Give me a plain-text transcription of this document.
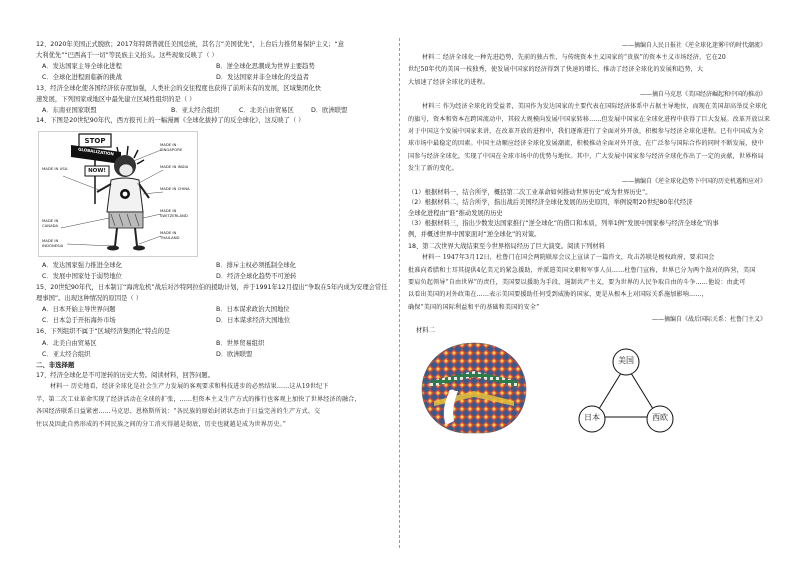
12、2020年美国正式脱欧；2017年特朗普就任美国总统，其名言“美国优先”，上台后力推贸易保护主义；“意
大利优先”“巴西高于一切”等民族主义抬头。这些现象反映了（ ）
A．发达国家主导全球化进程	B．逆全球化思潮成为世界主要趋势
C．全球化进程面临新的挑战	D．发达国家并非全球化的受益者
13、经济全球化使各国经济依存度加强，人类社会的交往程度也获得了前所未有的发展，区域集团化快
速发展，下列国家或地区中最先建立区域性组织的是（ ）
A．东南亚国家联盟	B．亚太经合组织	C．北美自由贸易区	D．欧洲联盟
14、下图是20世纪90年代，西方报刊上的一幅漫画《全球化拔掉了的反全球化》，这反映了（ ）
STOP
GLOBALIZATION
NOW!
MADE IN USA
MADE IN CANADA
MADE IN INDONESIA
MADE IN SINGAPORE
MADE IN INDIA
MADE IN CHINA
MADE IN SWITZERLAND
MADE IN THAILAND
A．发达国家强力推进全球化	B．排斥主权必须抵制全球化
C．发展中国家处于弱势地位	D．经济全球化趋势不可逆转
15、20世纪90年代，日本制订“海湾危机”战后对沙特阿拉伯的援助计划，并于1991年12月提出“争取在5年内成为安理会常任
理事国”。出现这种情况的原因是（ ）
A．日本开始主导世界问题	B．日本谋求政治大国地位
C．日本急于开拓海外市场	D．日本谋求经济大国地位
16、下列组织不属于“区域经济集团化”特点的是
A．北美自由贸易区	B．世界贸易组织
C．亚太经合组织	D．欧洲联盟
二、非选择题
17、经济全球化是不可逆转的历史大势。阅读材料，回答问题。
材料一 历史地看，经济全球化是社会生产力发展的客观要求和科技进步的必然结果……这从19世纪下
半，第二次工业革命实现了经济活动在全球的扩张，……但资本主义生产方式的推行也客观上加快了世界经济的融合，
各国经济联系日益紧密……马克思、恩格斯所说：“各民族的原始封闭状态由于日益完善的生产方式、交
往以及因此自然形成的不同民族之间的分工消灭得越是彻底，历史也就越是成为世界历史。”
——摘编自人民日报社《逆全球化迷雾中的时代潮流》
材料二 经济全球化一种先进趋势，先前的独占性，与传统资本主义国家的“贵族”的资本主义市场经济，它在20
世纪50年代的美国一枝独秀，使发展中国家的经济得到了快速的增长，推动了经济全球化的发展和趋势，大
大加速了经济全球化的进程。
——摘自马克思《美国经济崛起和中国的推动》
材料三 作为经济全球化的受益者，美国作为发达国家的主要代表在国际经济体系中占据主导地位，而现在美国却高举反全球化
的旗号，资本和资本在跨国流动中，其较大规模向发展中国家转移……但发展中国家在全球化进程中获得了巨大发展。改革开放以来
对于中国这个发展中国家来讲，在改革开放的进程中，我们逐渐进行了全面对外开放，积极参与经济全球化进程。已有中国成为全
球市场中最稳定的因素。中国主动顺应经济全球化发展潮流，积极推动全面对外开放，在广泛参与国际合作的同时不断发展，使中
国参与经济全球化，实现了中国在全球市场中的优势与地位。其中，广大发展中国家参与经济全球化作出了一定的贡献，世界格局
发生了新的变化。
——摘编自《逆全球化趋势下中国的历史机遇和应对》
（1）根据材料一，结合所学，概括第二次工业革命如何推动世界历史“成为世界历史”。
（2）根据材料二，结合所学，指出战后美国经济全球化发展的历史原因，举例说明20世纪80年代经济
全球化进程由“谁”推动发展的历史
（3）根据材料三，指出少数发达国家推行“逆全球化”的借口和本质，列举1例“发展中国家参与经济全球化”的事
例，并概述世界中国家面对“逆全球化”的对策。
18、第二次世界大战结束至今世界格局经历了巨大演变。阅读下列材料
材料一 1947年3月12日，杜鲁门在国会两院联席会议上宣读了一篇咨文，攻击苏联是极权政府，要求国会
批准向希腊和土耳其提供4亿美元的紧急援助，并派遣美国文职和军事人员……杜鲁门宣称，世界已分为两个敌对的阵营，美国
要肩负起领导“自由世界”的责任，美国要以援助为手段，遏制共产主义，要为世界的人民争取自由的斗争……他说：由此可
以看出美国的对外政策在……表示美国要援助任何受到威胁的国家，更是从根本上对国际关系施加影响……，
确保“美国的国际利益和平的基础和美国的安全”
——摘编自《战后国际关系：杜鲁门主义》
材料二
美国
日本	西欧
